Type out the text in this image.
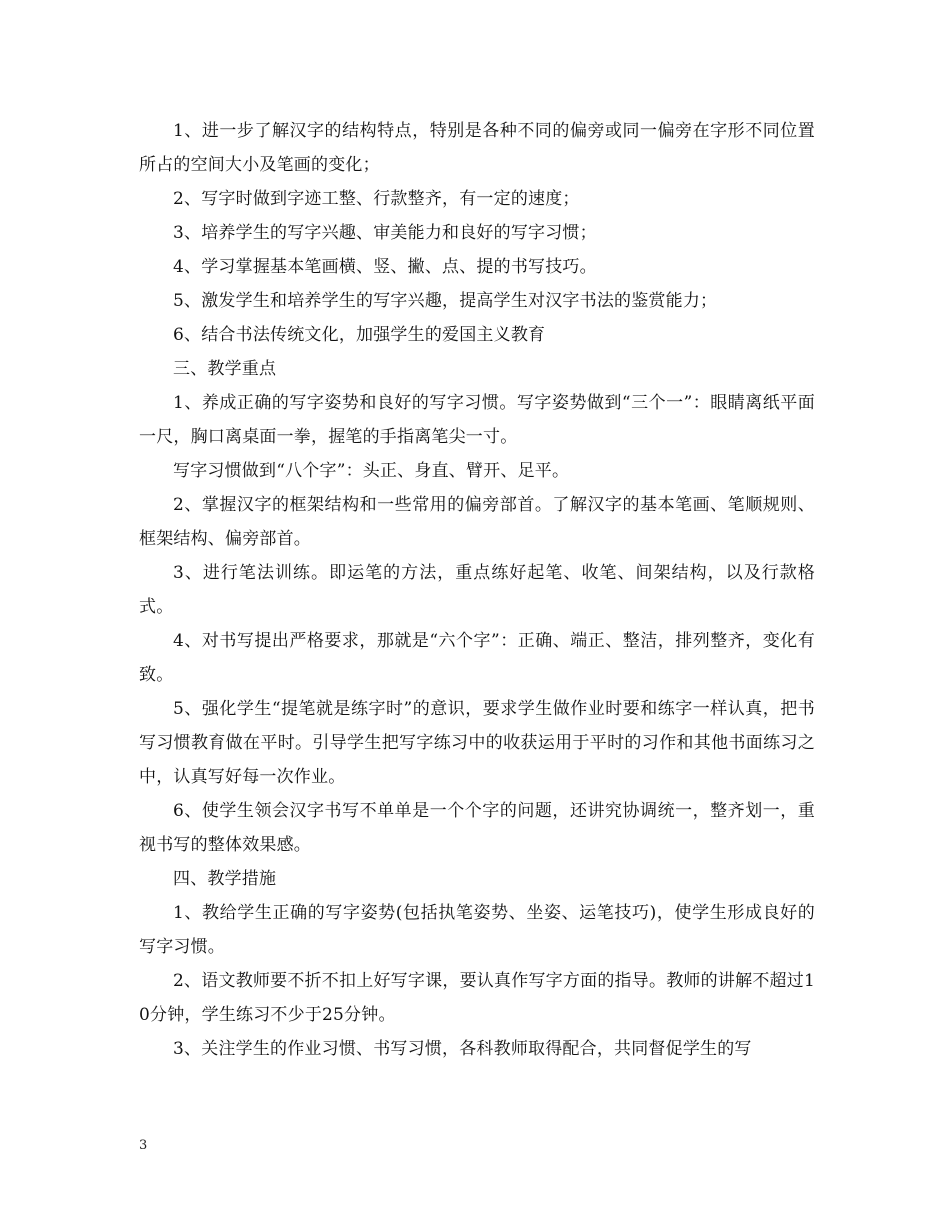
1、进一步了解汉字的结构特点，特别是各种不同的偏旁或同一偏旁在字形不同位置所占的空间大小及笔画的变化；

2、写字时做到字迹工整、行款整齐，有一定的速度；

3、培养学生的写字兴趣、审美能力和良好的写字习惯；

4、学习掌握基本笔画横、竖、撇、点、提的书写技巧。

5、激发学生和培养学生的写字兴趣，提高学生对汉字书法的鉴赏能力；

6、结合书法传统文化，加强学生的爱国主义教育

三、教学重点

1、养成正确的写字姿势和良好的写字习惯。写字姿势做到“三个一”：眼睛离纸平面一尺，胸口离桌面一拳，握笔的手指离笔尖一寸。

写字习惯做到“八个字”：头正、身直、臂开、足平。

2、掌握汉字的框架结构和一些常用的偏旁部首。了解汉字的基本笔画、笔顺规则、框架结构、偏旁部首。

3、进行笔法训练。即运笔的方法，重点练好起笔、收笔、间架结构，以及行款格式。

4、对书写提出严格要求，那就是“六个字”：正确、端正、整洁，排列整齐，变化有致。

5、强化学生“提笔就是练字时”的意识，要求学生做作业时要和练字一样认真，把书写习惯教育做在平时。引导学生把写字练习中的收获运用于平时的习作和其他书面练习之中，认真写好每一次作业。

6、使学生领会汉字书写不单单是一个个字的问题，还讲究协调统一，整齐划一，重视书写的整体效果感。

四、教学措施

1、教给学生正确的写字姿势(包括执笔姿势、坐姿、运笔技巧)，使学生形成良好的写字习惯。

2、语文教师要不折不扣上好写字课，要认真作写字方面的指导。教师的讲解不超过10分钟，学生练习不少于25分钟。

3、关注学生的作业习惯、书写习惯，各科教师取得配合，共同督促学生的写

3
